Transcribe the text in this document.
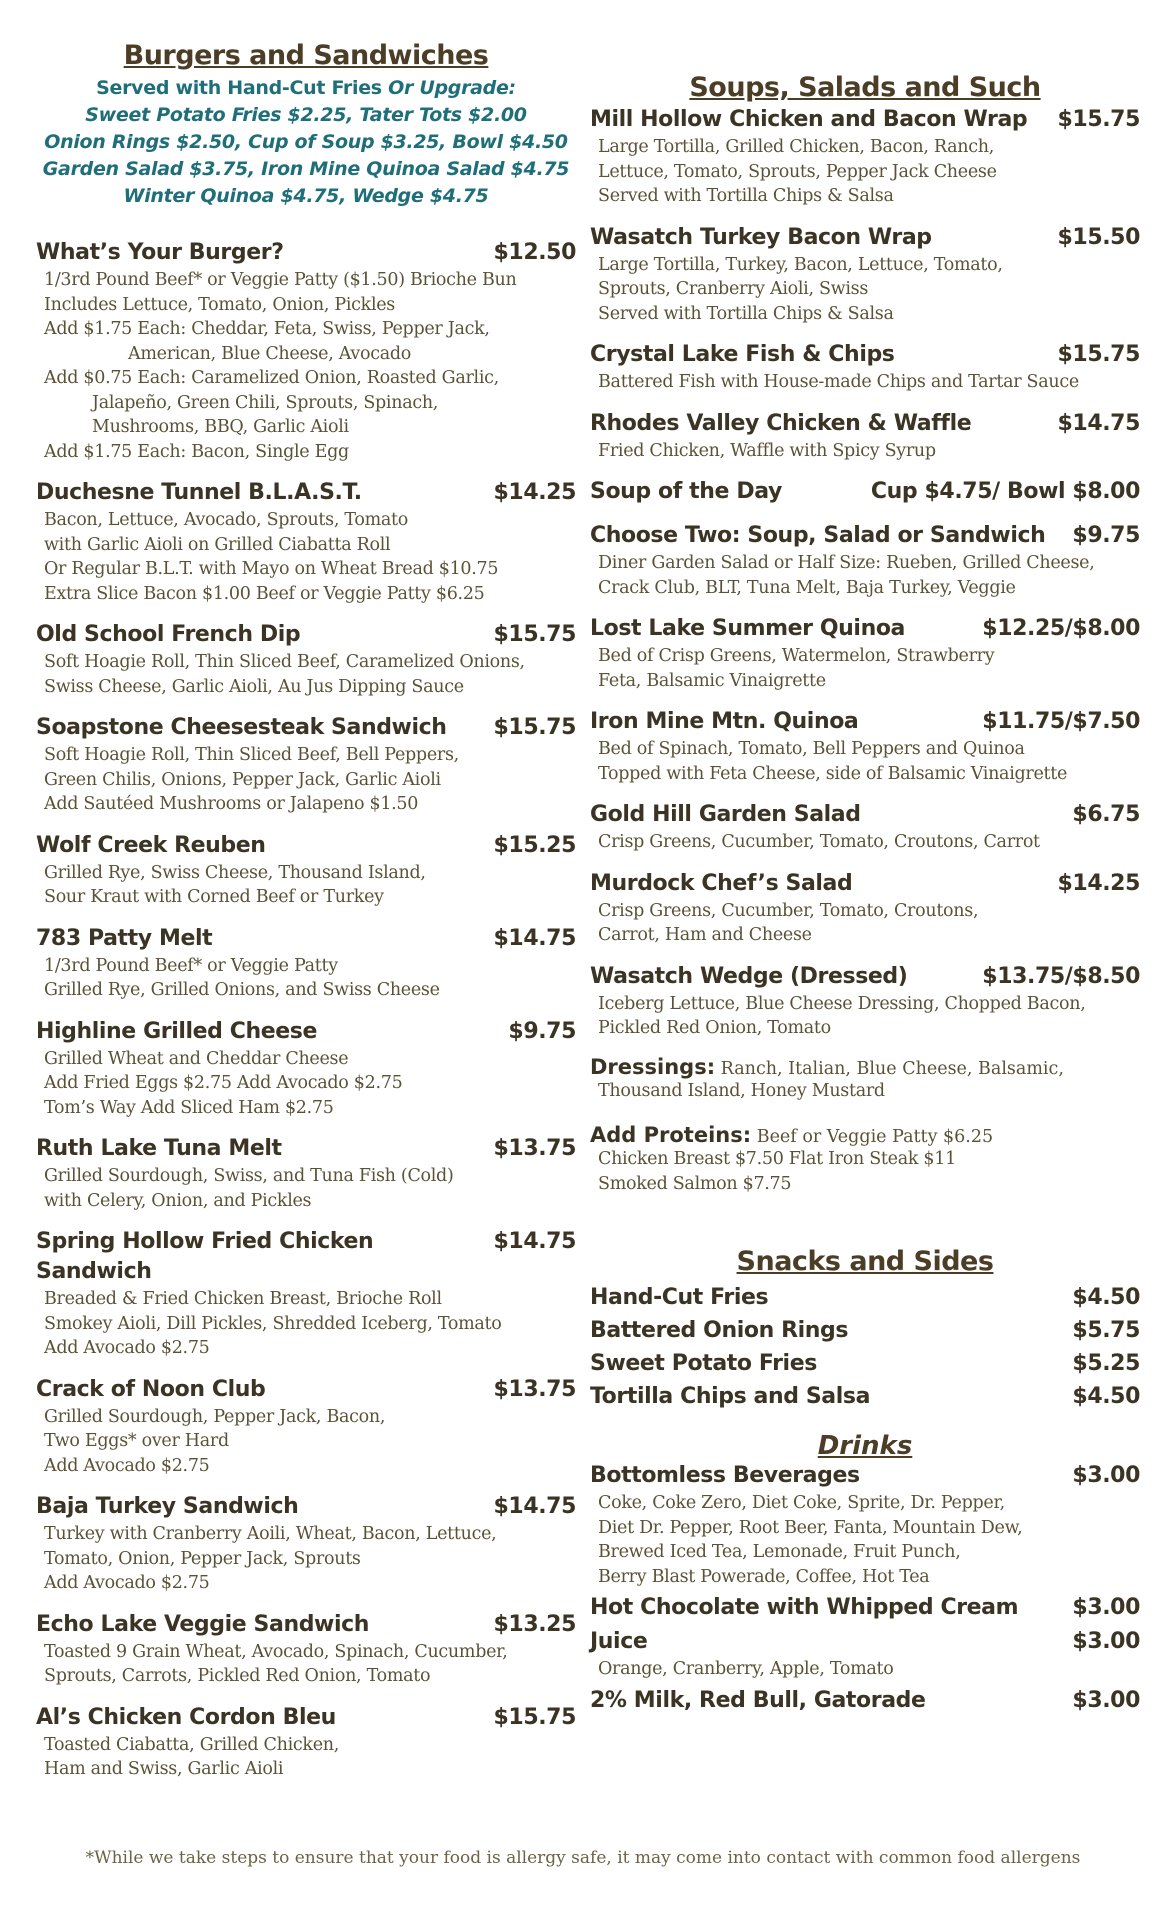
Burgers and Sandwiches
Served with Hand-Cut Fries Or Upgrade:
Sweet Potato Fries $2.25, Tater Tots $2.00
Onion Rings $2.50, Cup of Soup $3.25, Bowl $4.50
Garden Salad $3.75, Iron Mine Quinoa Salad $4.75
Winter Quinoa $4.75, Wedge $4.75
What’s Your Burger?	$12.50
1/3rd Pound Beef* or Veggie Patty ($1.50) Brioche Bun
Includes Lettuce, Tomato, Onion, Pickles
Add $1.75 Each: Cheddar, Feta, Swiss, Pepper Jack,
American, Blue Cheese, Avocado
Add $0.75 Each: Caramelized Onion, Roasted Garlic,
Jalapeño, Green Chili, Sprouts, Spinach,
Mushrooms, BBQ, Garlic Aioli
Add $1.75 Each: Bacon, Single Egg
Duchesne Tunnel B.L.A.S.T.	$14.25
Bacon, Lettuce, Avocado, Sprouts, Tomato
with Garlic Aioli on Grilled Ciabatta Roll
Or Regular B.L.T. with Mayo on Wheat Bread $10.75
Extra Slice Bacon $1.00 Beef or Veggie Patty $6.25
Old School French Dip	$15.75
Soft Hoagie Roll, Thin Sliced Beef, Caramelized Onions,
Swiss Cheese, Garlic Aioli, Au Jus Dipping Sauce
Soapstone Cheesesteak Sandwich $15.75
Soft Hoagie Roll, Thin Sliced Beef, Bell Peppers,
Green Chilis, Onions, Pepper Jack, Garlic Aioli
Add Sautéed Mushrooms or Jalapeno $1.50
Wolf Creek Reuben	$15.25
Grilled Rye, Swiss Cheese, Thousand Island,
Sour Kraut with Corned Beef or Turkey
783 Patty Melt	$14.75
1/3rd Pound Beef* or Veggie Patty
Grilled Rye, Grilled Onions, and Swiss Cheese
Highline Grilled Cheese	$9.75
Grilled Wheat and Cheddar Cheese
Add Fried Eggs $2.75 Add Avocado $2.75
Tom’s Way Add Sliced Ham $2.75
Ruth Lake Tuna Melt	$13.75
Grilled Sourdough, Swiss, and Tuna Fish (Cold)
with Celery, Onion, and Pickles
Spring Hollow Fried Chicken Sandwich
$14.75
Breaded & Fried Chicken Breast, Brioche Roll
Smokey Aioli, Dill Pickles, Shredded Iceberg, Tomato
Add Avocado $2.75
Crack of Noon Club	$13.75
Grilled Sourdough, Pepper Jack, Bacon,
Two Eggs* over Hard
Add Avocado $2.75
Baja Turkey Sandwich	$14.75
Turkey with Cranberry Aoili, Wheat, Bacon, Lettuce,
Tomato, Onion, Pepper Jack, Sprouts
Add Avocado $2.75
Echo Lake Veggie Sandwich	$13.25
Toasted 9 Grain Wheat, Avocado, Spinach, Cucumber,
Sprouts, Carrots, Pickled Red Onion, Tomato
Al’s Chicken Cordon Bleu	$15.75
Toasted Ciabatta, Grilled Chicken,
Ham and Swiss, Garlic Aioli
Soups, Salads and Such
Mill Hollow Chicken and Bacon Wrap $15.75
Large Tortilla, Grilled Chicken, Bacon, Ranch,
Lettuce, Tomato, Sprouts, Pepper Jack Cheese
Served with Tortilla Chips & Salsa
Wasatch Turkey Bacon Wrap	$15.50
Large Tortilla, Turkey, Bacon, Lettuce, Tomato,
Sprouts, Cranberry Aioli, Swiss
Served with Tortilla Chips & Salsa
Crystal Lake Fish & Chips	$15.75
Battered Fish with House-made Chips and Tartar Sauce
Rhodes Valley Chicken & Waffle	$14.75
Fried Chicken, Waffle with Spicy Syrup
Soup of the Day	Cup $4.75/ Bowl $8.00
Choose Two: Soup, Salad or Sandwich $9.75
Diner Garden Salad or Half Size: Rueben, Grilled Cheese,
Crack Club, BLT, Tuna Melt, Baja Turkey, Veggie
Lost Lake Summer Quinoa	$12.25/$8.00
Bed of Crisp Greens, Watermelon, Strawberry
Feta, Balsamic Vinaigrette
Iron Mine Mtn. Quinoa	$11.75/$7.50
Bed of Spinach, Tomato, Bell Peppers and Quinoa
Topped with Feta Cheese, side of Balsamic Vinaigrette
Gold Hill Garden Salad	$6.75
Crisp Greens, Cucumber, Tomato, Croutons, Carrot
Murdock Chef’s Salad	$14.25
Crisp Greens, Cucumber, Tomato, Croutons,
Carrot, Ham and Cheese
Wasatch Wedge (Dressed)	$13.75/$8.50
Iceberg Lettuce, Blue Cheese Dressing, Chopped Bacon,
Pickled Red Onion, Tomato
Dressings: Ranch, Italian, Blue Cheese, Balsamic,
Thousand Island, Honey Mustard
Add Proteins: Beef or Veggie Patty $6.25
Chicken Breast $7.50 Flat Iron Steak $11
Smoked Salmon $7.75
Snacks and Sides
Hand-Cut Fries	$4.50
Battered Onion Rings	$5.75
Sweet Potato Fries	$5.25
Tortilla Chips and Salsa	$4.50
Drinks
Bottomless Beverages	$3.00
Coke, Coke Zero, Diet Coke, Sprite, Dr. Pepper,
Diet Dr. Pepper, Root Beer, Fanta, Mountain Dew,
Brewed Iced Tea, Lemonade, Fruit Punch,
Berry Blast Powerade, Coffee, Hot Tea
Hot Chocolate with Whipped Cream $3.00
Juice	$3.00
Orange, Cranberry, Apple, Tomato
2% Milk, Red Bull, Gatorade	$3.00
*While we take steps to ensure that your food is allergy safe, it may come into contact with common food allergens
